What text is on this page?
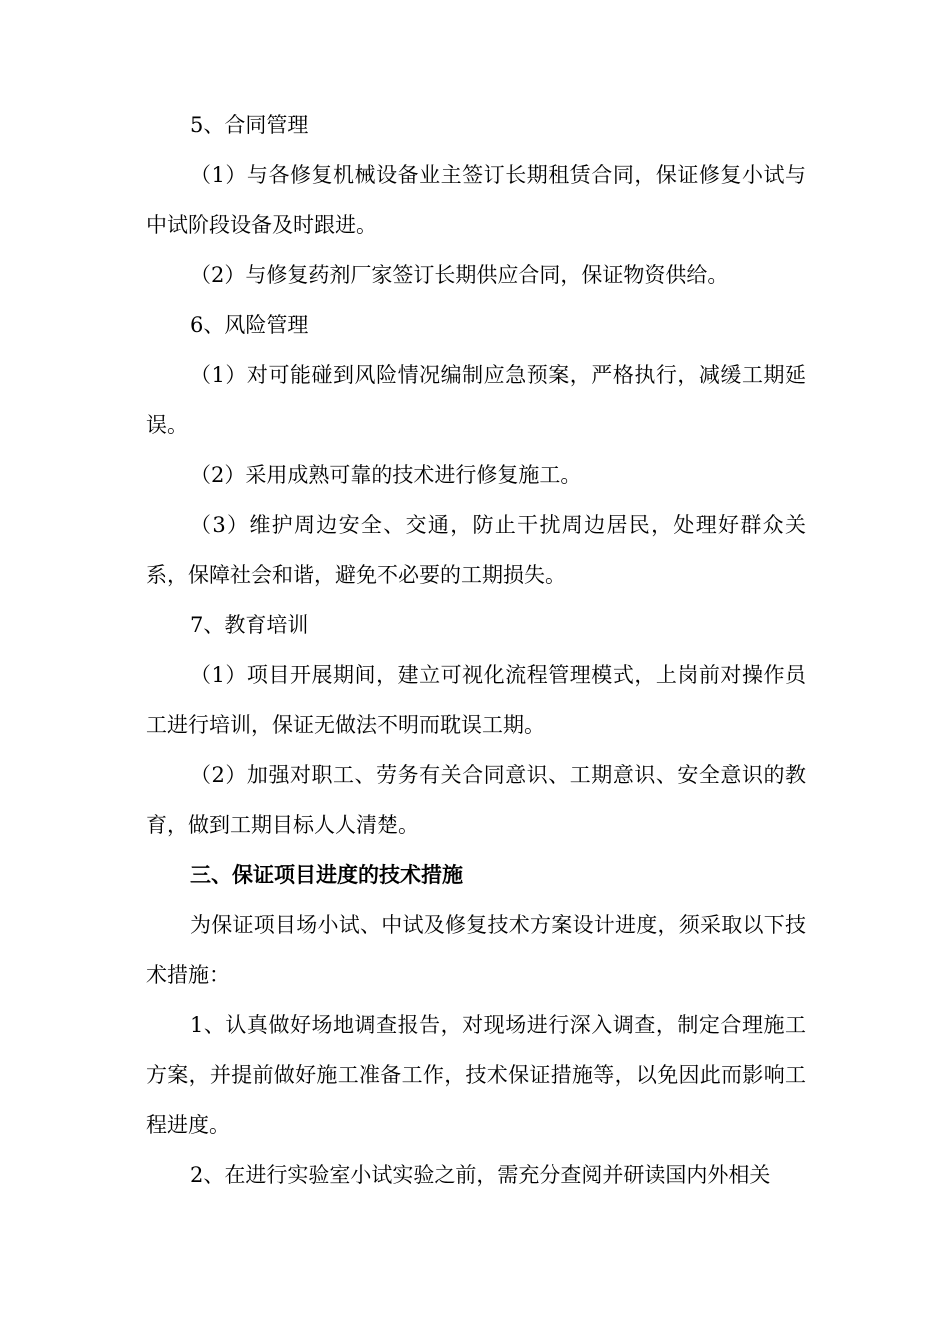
5、合同管理

（1）与各修复机械设备业主签订长期租赁合同，保证修复小试与中试阶段设备及时跟进。

（2）与修复药剂厂家签订长期供应合同，保证物资供给。

6、风险管理

（1）对可能碰到风险情况编制应急预案，严格执行，减缓工期延误。

（2）采用成熟可靠的技术进行修复施工。

（3）维护周边安全、交通，防止干扰周边居民，处理好群众关系，保障社会和谐，避免不必要的工期损失。

7、教育培训

（1）项目开展期间，建立可视化流程管理模式，上岗前对操作员工进行培训，保证无做法不明而耽误工期。

（2）加强对职工、劳务有关合同意识、工期意识、安全意识的教育，做到工期目标人人清楚。

三、保证项目进度的技术措施

为保证项目场小试、中试及修复技术方案设计进度，须采取以下技术措施：

1、认真做好场地调查报告，对现场进行深入调查，制定合理施工方案，并提前做好施工准备工作，技术保证措施等，以免因此而影响工程进度。

2、在进行实验室小试实验之前，需充分查阅并研读国内外相关
